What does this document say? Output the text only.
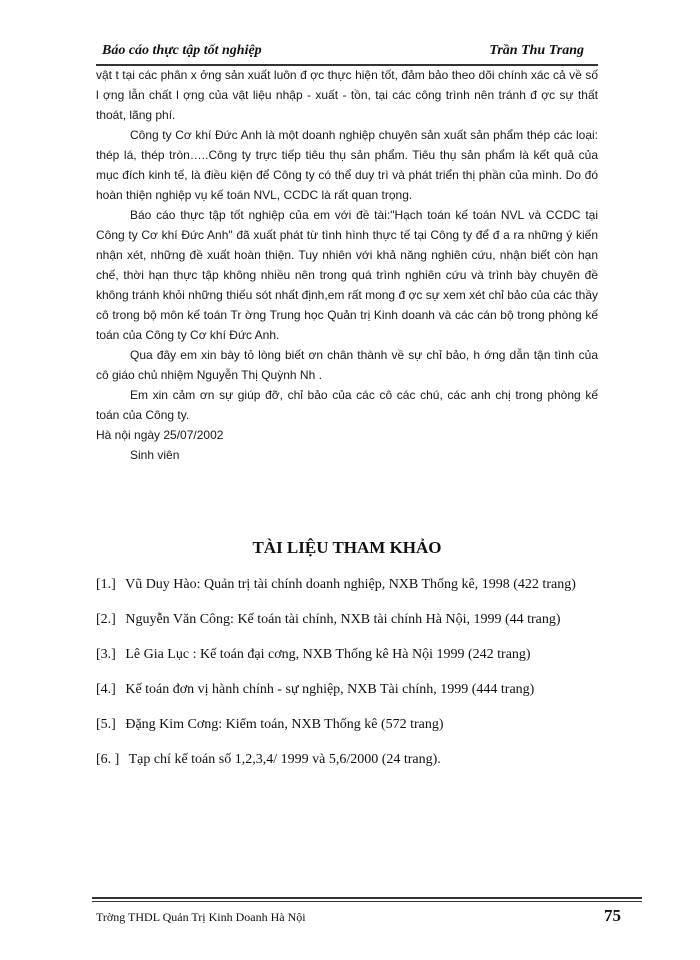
Báo cáo thực tập tốt nghiệp	Trần Thu Trang

vật t tại các phân x ởng sản xuất luôn đ ợc thực hiện tốt, đảm bảo theo dõi chính xác cả về số l ợng lẫn chất l ợng của vật liệu nhập - xuất - tồn, tại các công trình nên tránh đ ợc sự thất thoát, lãng phí.

Công ty Cơ khí Đức Anh là một doanh nghiệp chuyên sản xuất sản phẩm thép các loại: thép lá, thép tròn…..Công ty trực tiếp tiêu thụ sản phẩm. Tiêu thụ sản phẩm là kết quả của mục đích kinh tế, là điều kiện để Công ty có thể duy trì và phát triển thị phần của mình. Do đó hoàn thiện nghiệp vụ kế toán NVL, CCDC là rất quan trọng.

Báo cáo thực tập tốt nghiệp của em với đề tài:"Hạch toán kế toán NVL và CCDC tại Công ty Cơ khí Đức Anh" đã xuất phát từ tình hình thực tế tại Công ty để đ a ra những ý kiến nhận xét, những đề xuất hoàn thiện. Tuy nhiên với khả năng nghiên cứu, nhận biết còn hạn chế, thời hạn thực tập không nhiều nên trong quá trình nghiên cứu và trình bày chuyên đề không tránh khỏi những thiếu sót nhất định,em rất mong đ ợc sự xem xét chỉ bảo của các thầy cô trong bộ môn kế toán Tr ờng Trung học Quản trị Kinh doanh và các cán bộ trong phòng kế toán của Công ty Cơ khí Đức Anh.

Qua đây em xin bày tỏ lòng biết ơn chân thành về sự chỉ bảo, h ớng dẫn tận tình của cô giáo chủ nhiệm Nguyễn Thị Quỳnh Nh .

Em xin cảm ơn sự giúp đỡ, chỉ bảo của các cô các chú, các anh chị trong phòng kế toán của Công ty.

Hà nội ngày 25/07/2002

Sinh viên

TÀI LIỆU THAM KHẢO
[1.] Vũ Duy Hào: Quản trị tài chính doanh nghiệp, NXB Thống kê, 1998 (422 trang)
[2.] Nguyễn Văn Công: Kế toán tài chính, NXB tài chính Hà Nội, 1999 (44 trang)
[3.] Lê Gia Lục : Kế toán đại cơng, NXB Thống kê Hà Nội 1999 (242 trang)
[4.] Kế toán đơn vị hành chính - sự nghiệp, NXB Tài chính, 1999 (444 trang)
[5.] Đặng Kim Cơng: Kiểm toán, NXB Thống kê (572 trang)
[6. ] Tạp chí kế toán số 1,2,3,4/ 1999 và 5,6/2000 (24 trang).
Trờng THDL Quản Trị Kinh Doanh Hà Nội	75
